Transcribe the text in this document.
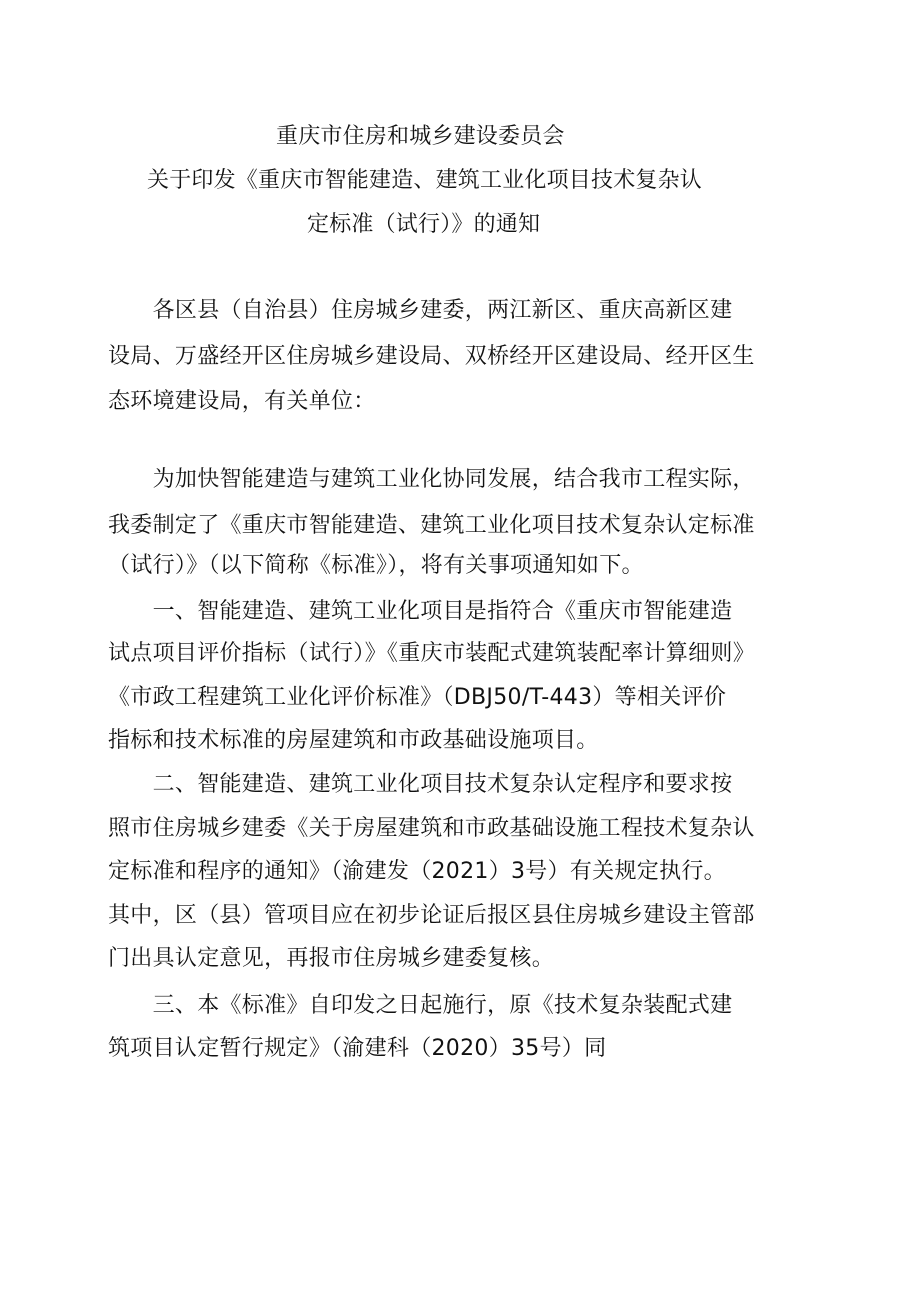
重庆市住房和城乡建设委员会
关于印发《重庆市智能建造、建筑工业化项目技术复杂认
定标准（试行）》的通知
　　各区县（自治县）住房城乡建委，两江新区、重庆高新区建
设局、万盛经开区住房城乡建设局、双桥经开区建设局、经开区生
态环境建设局，有关单位：
　　为加快智能建造与建筑工业化协同发展，结合我市工程实际，
我委制定了《重庆市智能建造、建筑工业化项目技术复杂认定标准
（试行）》（以下简称《标准》），将有关事项通知如下。
　　一、智能建造、建筑工业化项目是指符合《重庆市智能建造
试点项目评价指标（试行）》《重庆市装配式建筑装配率计算细则》
《市政工程建筑工业化评价标准》（DBJ50/T-443）等相关评价
指标和技术标准的房屋建筑和市政基础设施项目。
　　二、智能建造、建筑工业化项目技术复杂认定程序和要求按
照市住房城乡建委《关于房屋建筑和市政基础设施工程技术复杂认
定标准和程序的通知》（渝建发（2021）3号）有关规定执行。
其中，区（县）管项目应在初步论证后报区县住房城乡建设主管部
门出具认定意见，再报市住房城乡建委复核。
　　三、本《标准》自印发之日起施行，原《技术复杂装配式建
筑项目认定暂行规定》（渝建科（2020）35号）同
